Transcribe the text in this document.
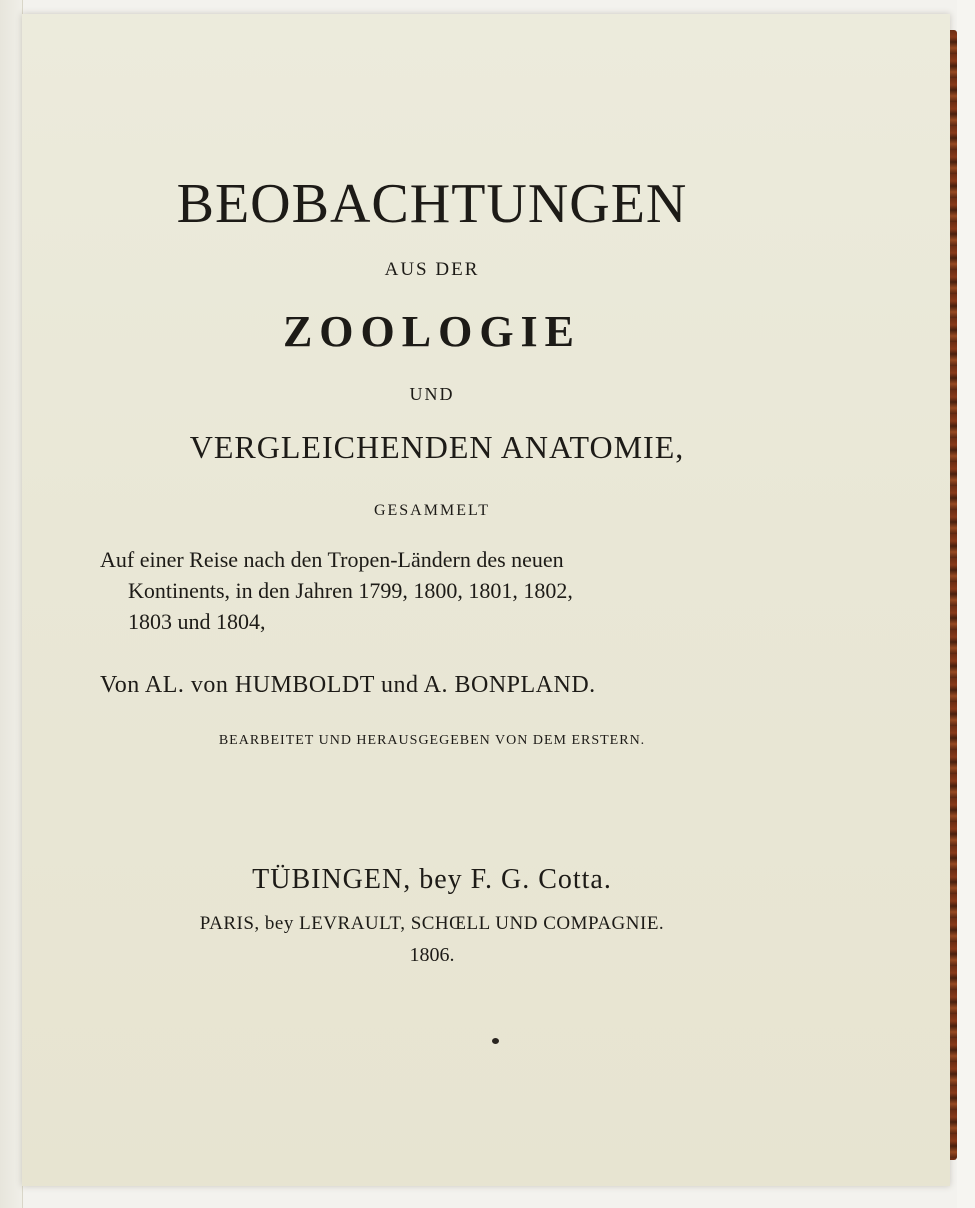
BEOBACHTUNGEN
AUS DER
ZOOLOGIE
UND
VERGLEICHENDEN ANATOMIE,
GESAMMELT
Auf einer Reise nach den Tropen-Ländern des neuen
Kontinents, in den Jahren 1799, 1800, 1801, 1802,
1803 und 1804,
Von AL. von HUMBOLDT und A. BONPLAND.
BEARBEITET UND HERAUSGEGEBEN VON DEM ERSTERN.
TÜBINGEN, bey F. G. Cotta.
PARIS, bey LEVRAULT, SCHŒLL UND COMPAGNIE.
1806.
